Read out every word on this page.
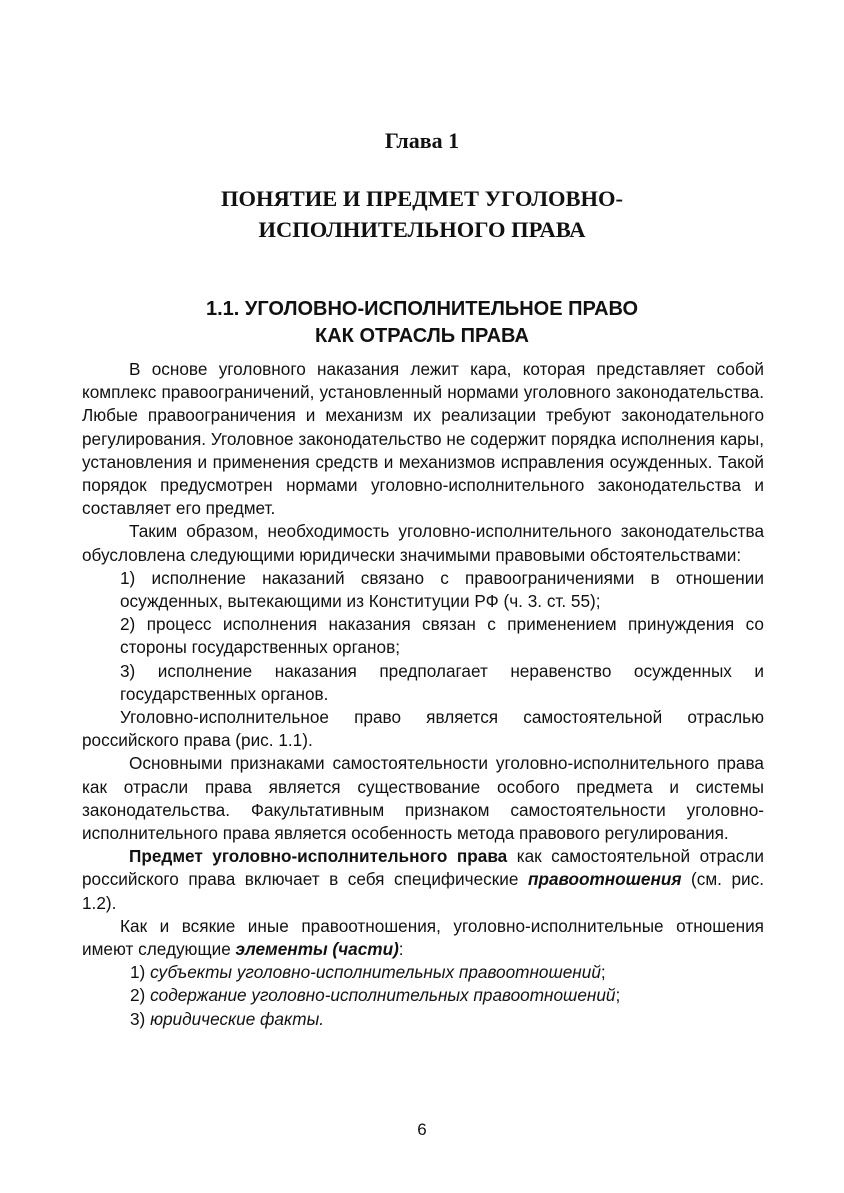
Глава 1
ПОНЯТИЕ И ПРЕДМЕТ УГОЛОВНО-
ИСПОЛНИТЕЛЬНОГО ПРАВА
1.1. УГОЛОВНО-ИСПОЛНИТЕЛЬНОЕ ПРАВО
КАК ОТРАСЛЬ ПРАВА

В основе уголовного наказания лежит кара, которая представляет собой комплекс правоограничений, установленный нормами уголовного законодательства. Любые правоограничения и механизм их реализации требуют законодательного регулирования. Уголовное законодательство не содержит порядка исполнения кары, установления и применения средств и механизмов исправления осужденных. Такой порядок предусмотрен нормами уголовно-исполнительного законодательства и составляет его предмет.

Таким образом, необходимость уголовно-исполнительного законодательства обусловлена следующими юридически значимыми правовыми обстоятельствами:

1) исполнение наказаний связано с правоограничениями в отношении осужденных, вытекающими из Конституции РФ (ч. 3. ст. 55);

2) процесс исполнения наказания связан с применением принуждения со стороны государственных органов;

3) исполнение наказания предполагает неравенство осужденных и государственных органов.

Уголовно-исполнительное право является самостоятельной отраслью российского права (рис. 1.1).

Основными признаками самостоятельности уголовно-исполнительного права как отрасли права является существование особого предмета и системы законодательства. Факультативным признаком самостоятельности уголовно-исполнительного права является особенность метода правового регулирования.

Предмет уголовно-исполнительного права как самостоятельной отрасли российского права включает в себя специфические правоотношения (см. рис. 1.2).

Как и всякие иные правоотношения, уголовно-исполнительные отношения имеют следующие элементы (части):

1) субъекты уголовно-исполнительных правоотношений;
2) содержание уголовно-исполнительных правоотношений;
3) юридические факты.
6
